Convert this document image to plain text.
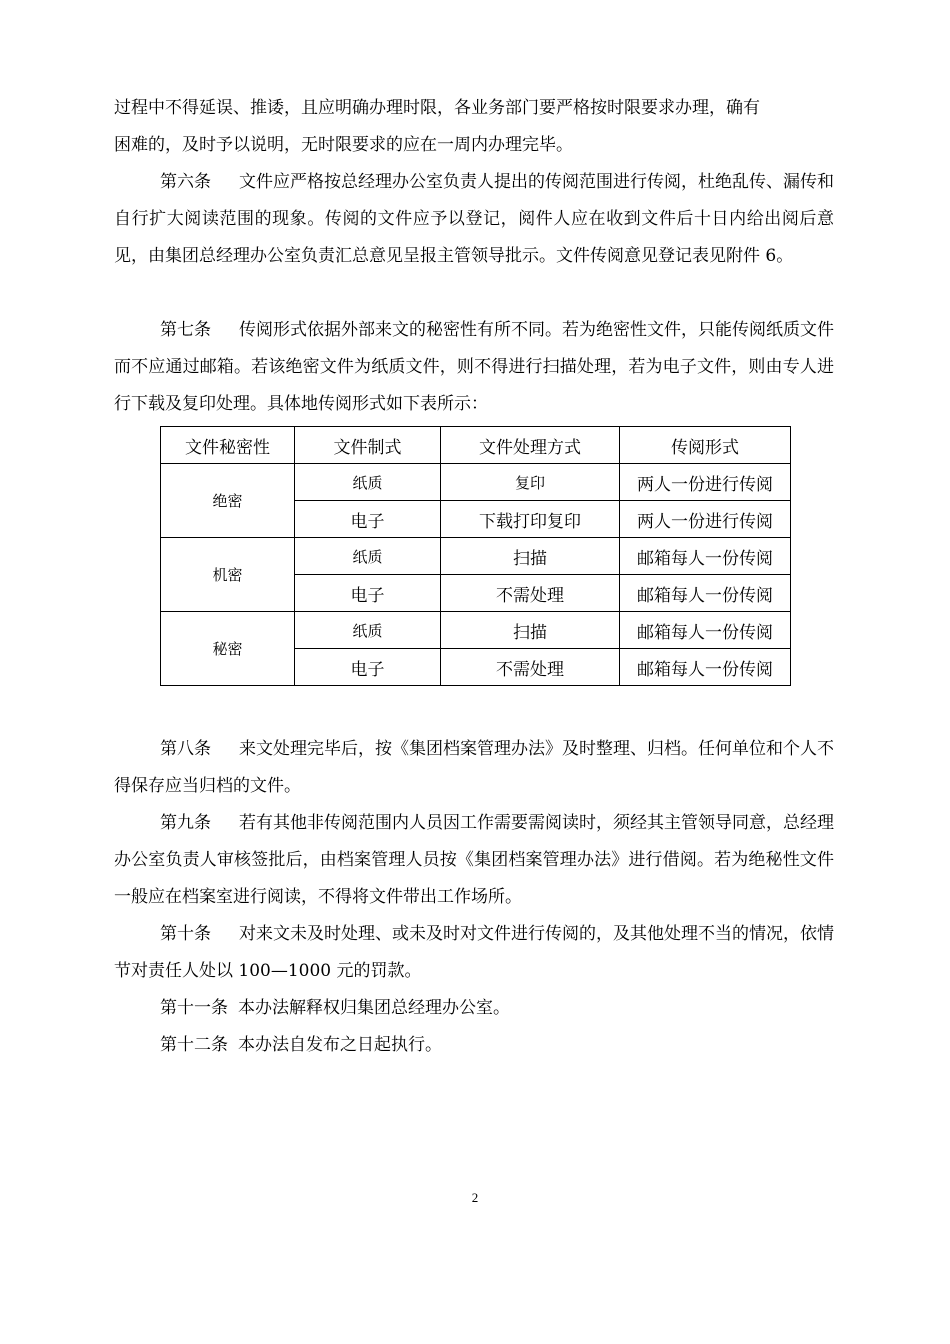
过程中不得延误、推诿，且应明确办理时限，各业务部门要严格按时限要求办理，确有
困难的，及时予以说明，无时限要求的应在一周内办理完毕。

第六条 文件应严格按总经理办公室负责人提出的传阅范围进行传阅，杜绝乱传、漏传和自行扩大阅读范围的现象。传阅的文件应予以登记，阅件人应在收到文件后十日内给出阅后意见，由集团总经理办公室负责汇总意见呈报主管领导批示。文件传阅意见登记表见附件 6。

第七条 传阅形式依据外部来文的秘密性有所不同。若为绝密性文件，只能传阅纸质文件而不应通过邮箱。若该绝密文件为纸质文件，则不得进行扫描处理，若为电子文件，则由专人进行下载及复印处理。具体地传阅形式如下表所示：

文件秘密性	文件制式	文件处理方式	传阅形式
绝密	纸质	复印	两人一份进行传阅
	电子	下载打印复印	两人一份进行传阅
机密	纸质	扫描	邮箱每人一份传阅
	电子	不需处理	邮箱每人一份传阅
秘密	纸质	扫描	邮箱每人一份传阅
	电子	不需处理	邮箱每人一份传阅

第八条 来文处理完毕后，按《集团档案管理办法》及时整理、归档。任何单位和个人不得保存应当归档的文件。

第九条 若有其他非传阅范围内人员因工作需要需阅读时，须经其主管领导同意，总经理办公室负责人审核签批后，由档案管理人员按《集团档案管理办法》进行借阅。若为绝秘性文件一般应在档案室进行阅读，不得将文件带出工作场所。

第十条 对来文未及时处理、或未及时对文件进行传阅的，及其他处理不当的情况，依情节对责任人处以 100—1000 元的罚款。

第十一条 本办法解释权归集团总经理办公室。

第十二条 本办法自发布之日起执行。

2
